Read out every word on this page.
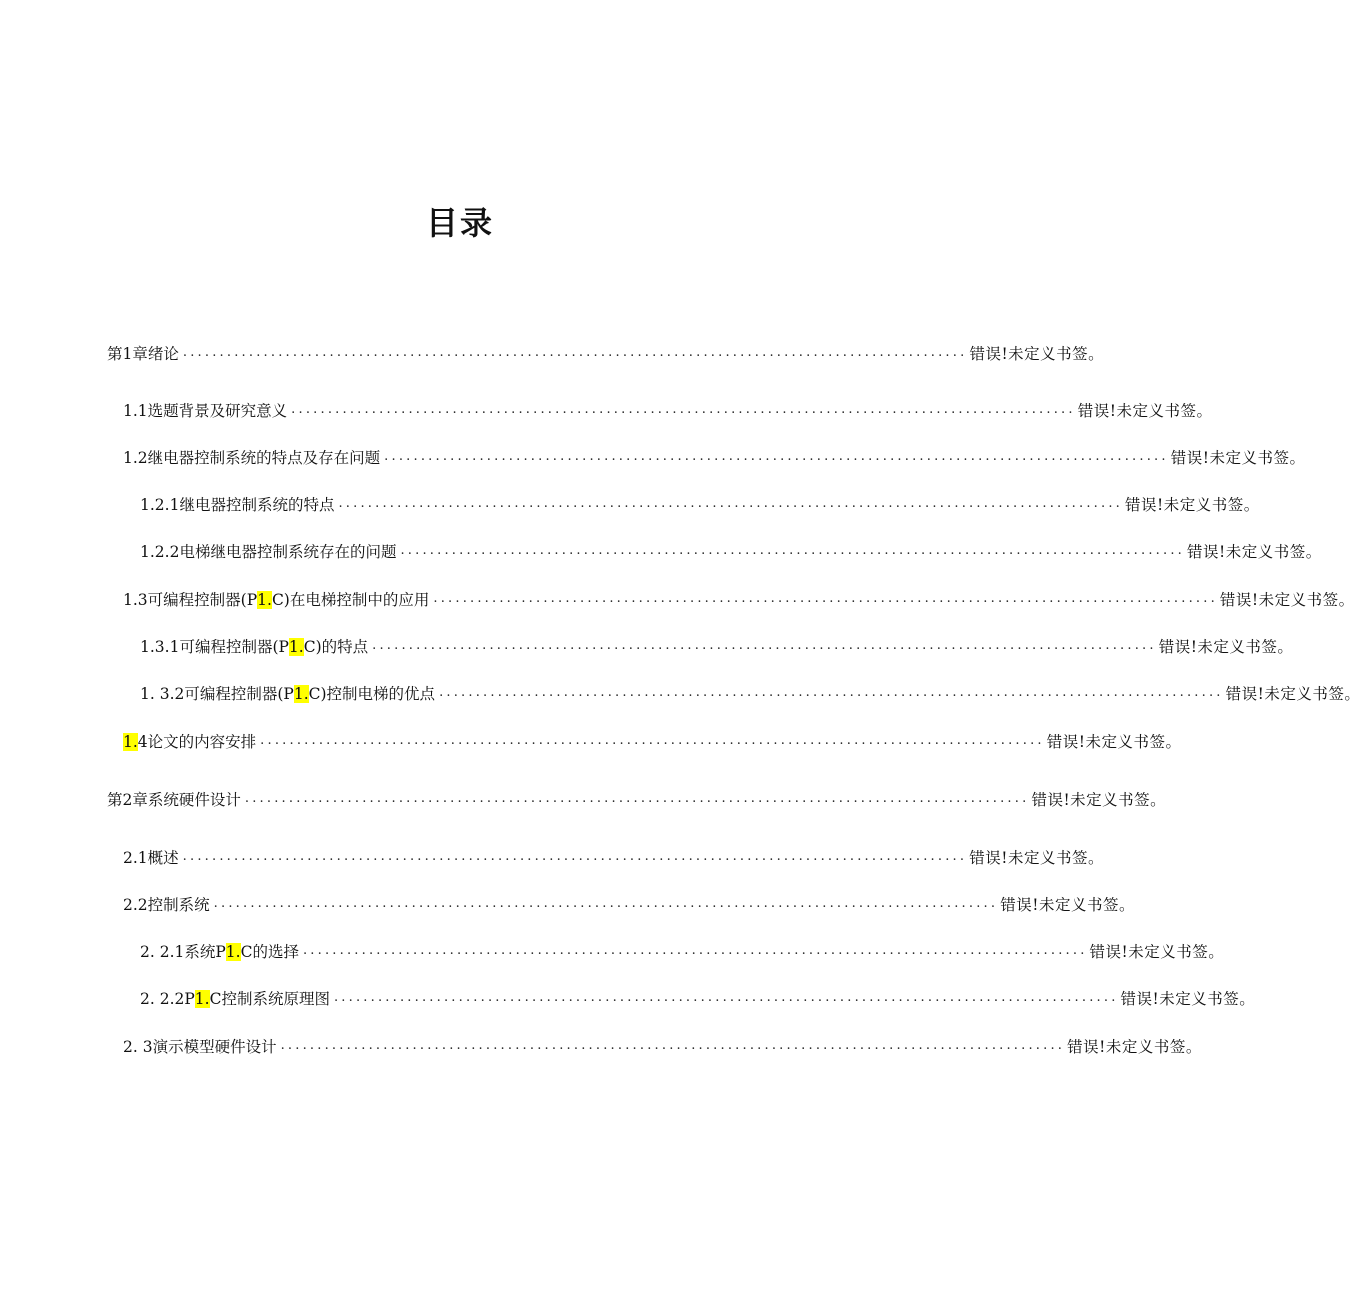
目录
第1章绪论 ........................................................................................................... 错误!未定义书签。
1.1选题背景及研究意义 ........................................................................................................... 错误!未定义书签。
1.2继电器控制系统的特点及存在问题 ........................................................................................................... 错误!未定义书签。
1.2.1继电器控制系统的特点 ........................................................................................................... 错误!未定义书签。
1.2.2电梯继电器控制系统存在的问题 ........................................................................................................... 错误!未定义书签。
1.3可编程控制器(P1.C)在电梯控制中的应用 ........................................................................................................... 错误!未定义书签。
1.3.1可编程控制器(P1.C)的特点 ........................................................................................................... 错误!未定义书签。
1. 3.2可编程控制器(P1.C)控制电梯的优点 ........................................................................................................... 错误!未定义书签。
1.4论文的内容安排 ........................................................................................................... 错误!未定义书签。
第2章系统硬件设计 ........................................................................................................... 错误!未定义书签。
2.1概述 ........................................................................................................... 错误!未定义书签。
2.2控制系统 ........................................................................................................... 错误!未定义书签。
2. 2.1系统P1.C的选择 ........................................................................................................... 错误!未定义书签。
2. 2.2P1.C控制系统原理图 ........................................................................................................... 错误!未定义书签。
2. 3演示模型硬件设计 ........................................................................................................... 错误!未定义书签。
